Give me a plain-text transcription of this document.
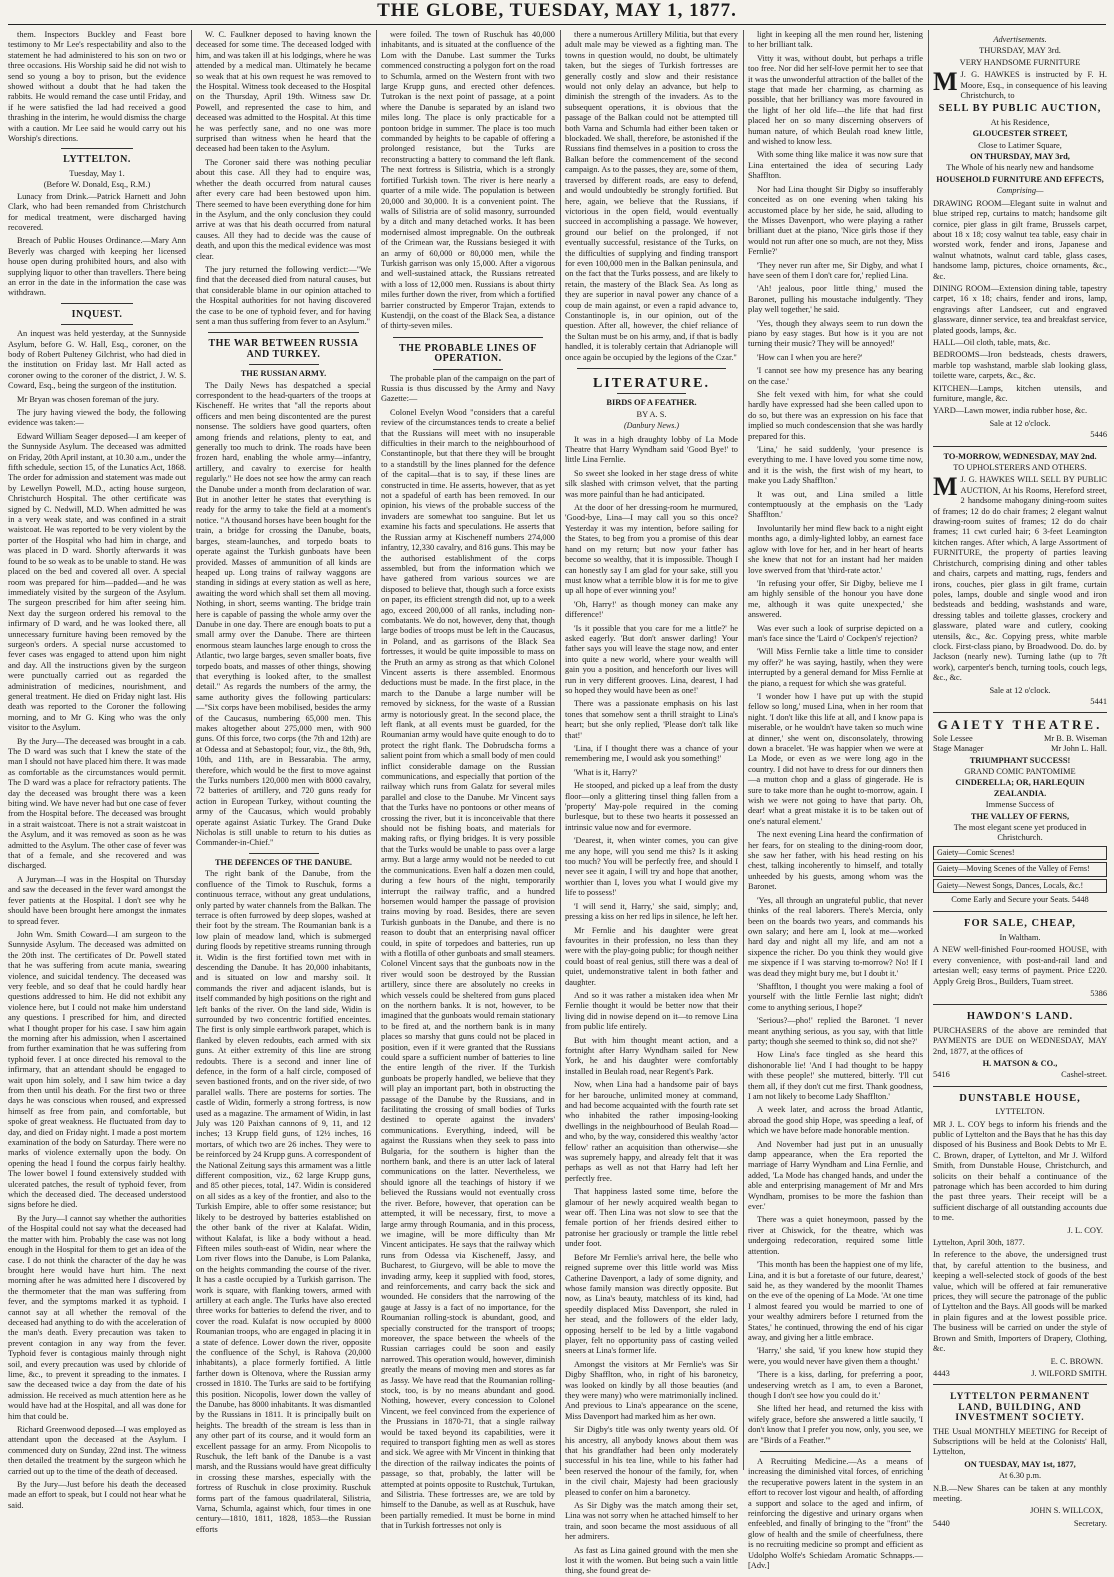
THE GLOBE, TUESDAY, MAY 1, 1877.

them. Inspectors Buckley and Feast bore testimony to Mr Lee's respectability and also to the statement he had administered to his son on two or three occasions. His Worship said he did not wish to send so young a boy to prison, but the evidence showed without a doubt that he had taken the rabbits. He would remand the case until Friday, and if he were satisfied the lad had received a good thrashing in the interim, he would dismiss the charge with a caution. Mr Lee said he would carry out his Worship's directions.

LYTTELTON.
Tuesday, May 1.
(Before W. Donald, Esq., R.M.)

Lunacy from Drink.—Patrick Harnett and John Clark, who had been remanded from Christchurch for medical treatment, were discharged having recovered.

Breach of Public Houses Ordinance.—Mary Ann Beverly was charged with keeping her licensed house open during prohibited hours, and also with supplying liquor to other than travellers. There being an error in the date in the information the case was withdrawn.

INQUEST.

An inquest was held yesterday, at the Sunnyside Asylum, before G. W. Hall, Esq., coroner, on the body of Robert Pulteney Gilchrist, who had died in the institution on Friday last. Mr Hall acted as coroner owing to the coroner of the district, J. W. S. Coward, Esq., being the surgeon of the institution.

Mr Bryan was chosen foreman of the jury.

The jury having viewed the body, the following evidence was taken:—

Edward William Seager deposed—I am keeper of the Sunnyside Asylum. The deceased was admitted on Friday, 20th April instant, at 10.30 a.m., under the fifth schedule, section 15, of the Lunatics Act, 1868. The order for admission and statement was made out by Lewellyn Powell, M.D., acting house surgeon, Christchurch Hospital. The other certificate was signed by C. Nedwill, M.D. When admitted he was in a very weak state, and was confined in a strait waistcoat. He was reported to be very violent by the porter of the Hospital who had him in charge, and was placed in D ward. Shortly afterwards it was found to be so weak as to be unable to stand. He was placed on the bed and covered all over. A special room was prepared for him—padded—and he was immediately visited by the surgeon of the Asylum. The surgeon prescribed for him after seeing him. Next day the surgeon ordered his removal to the infirmary of D ward, and he was looked there, all unnecessary furniture having been removed by the surgeon's orders. A special nurse accustomed to fever cases was engaged to attend upon him night and day. All the instructions given by the surgeon were punctually carried out as regarded the administration of medicines, nourishment, and general treatment. He died on Friday night last. His death was reported to the Coroner the following morning, and to Mr G. King who was the only visitor to the Asylum.

By the Jury—The deceased was brought in a cab. The D ward was such that I knew the state of the man I should not have placed him there. It was made as comfortable as the circumstances would permit. The D ward was a place for refractory patients. The day the deceased was brought there was a keen biting wind. We have never had but one case of fever from the Hospital before. The deceased was brought in a strait waistcoat. There is not a strait waistcoat in the Asylum, and it was removed as soon as he was admitted to the Asylum. The other case of fever was that of a female, and she recovered and was discharged.

A Juryman—I was in the Hospital on Thursday and saw the deceased in the fever ward amongst the fever patients at the Hospital. I don't see why he should have been brought here amongst the inmates to spread fever.

John Wm. Smith Coward—I am surgeon to the Sunnyside Asylum. The deceased was admitted on the 20th inst. The certificates of Dr. Powell stated that he was suffering from acute mania, swearing violence, and suicidal tendency. The deceased was very feeble, and so deaf that he could hardly hear questions addressed to him. He did not exhibit any violence here, but I could not make him understand any questions. I prescribed for him, and directed what I thought proper for his case. I saw him again the morning after his admission, when I ascertained from further examination that he was suffering from typhoid fever. I at once directed his removal to the infirmary, that an attendant should be engaged to wait upon him solely, and I saw him twice a day from then until his death. For the first two or three days he was conscious when roused, and expressed himself as free from pain, and comfortable, but spoke of great weakness. He fluctuated from day to day, and died on Friday night. I made a post mortem examination of the body on Saturday. There were no marks of violence externally upon the body. On opening the head I found the corpus fairly healthy. The lower bowel I found extensively studded with ulcerated patches, the result of typhoid fever, from which the deceased died. The deceased understood signs before he died.

By the Jury—I cannot say whether the authorities of the Hospital could not say what the deceased had the matter with him. Probably the case was not long enough in the Hospital for them to get an idea of the case. I do not think the character of the day he was brought here would have hurt him. The next morning after he was admitted here I discovered by the thermometer that the man was suffering from fever, and the symptoms marked it as typhoid. I cannot say at all whether the removal of the deceased had anything to do with the acceleration of the man's death. Every precaution was taken to prevent contagion in any way from the fever. Typhoid fever is contagious mainly through night soil, and every precaution was used by chloride of lime, &c., to prevent it spreading to the inmates. I saw the deceased twice a day from the date of his admission. He received as much attention here as he would have had at the Hospital, and all was done for him that could be.

Richard Greenwood deposed—I was employed as attendant upon the deceased at the Asylum. I commenced duty on Sunday, 22nd inst. The witness then detailed the treatment by the surgeon which he carried out up to the time of the death of deceased.

By the Jury—Just before his death the deceased made an effort to speak, but I could not hear what he said.

W. C. Faulkner deposed to having known the deceased for some time. The deceased lodged with him, and was taken ill at his lodgings, where he was attended by a medical man. Ultimately he became so weak that at his own request he was removed to the Hospital. Witness took deceased to the Hospital on the Thursday, April 19th. Witness saw Dr. Powell, and represented the case to him, and deceased was admitted to the Hospital. At this time he was perfectly sane, and no one was more surprised than witness when he heard that the deceased had been taken to the Asylum.

The Coroner said there was nothing peculiar about this case. All they had to enquire was, whether the death occurred from natural causes after every care had been bestowed upon him. There seemed to have been everything done for him in the Asylum, and the only conclusion they could arrive at was that his death occurred from natural causes. All they had to decide was the cause of death, and upon this the medical evidence was most clear.

The jury returned the following verdict:—"We find that the deceased died from natural causes, but that considerable blame in our opinion attached to the Hospital authorities for not having discovered the case to be one of typhoid fever, and for having sent a man thus suffering from fever to an Asylum."

THE WAR BETWEEN RUSSIA AND TURKEY.
THE RUSSIAN ARMY.

The Daily News has despatched a special correspondent to the head-quarters of the troops at Kischeneff. He writes that "all the reports about officers and men being discontented are the purest nonsense. The soldiers have good quarters, often among friends and relations, plenty to eat, and generally too much to drink. The roads have been frozen hard, enabling the whole army—infantry, artillery, and cavalry to exercise for health regularly." He does not see how the army can reach the Danube under a month from declaration of war. But in another letter he states that everything is ready for the army to take the field at a moment's notice. "A thousand horses have been bought for the train, a bridge for crossing the Danube, boats, barges, steam-launches, and torpedo boats to operate against the Turkish gunboats have been provided. Masses of ammunition of all kinds are heaped up. Long trains of railway waggons are standing in sidings at every station as well as here, awaiting the word which shall set them all moving. Nothing, in short, seems wanting. The bridge train here is capable of passing the whole army over the Danube in one day. There are enough boats to put a small army over the Danube. There are thirteen enormous steam launches large enough to cross the Atlantic, two large barges, seven smaller boats, five torpedo boats, and masses of other things, showing that everything is looked after, to the smallest detail." As regards the numbers of the army, the same authority gives the following particulars:—"Six corps have been mobilised, besides the army of the Caucasus, numbering 65,000 men. This makes altogether about 275,000 men, with 900 guns. Of this force, two corps (the 7th and 12th) are at Odessa and at Sebastopol; four, viz., the 8th, 9th, 10th, and 11th, are in Bessarabia. The army, therefore, which would be the first to move against the Turks numbers 120,000 men with 8000 cavalry, 72 batteries of artillery, and 720 guns ready for action in European Turkey, without counting the army of the Caucasus, which would probably operate against Asiatic Turkey. The Grand Duke Nicholas is still unable to return to his duties as Commander-in-Chief."

THE DEFENCES OF THE DANUBE.

The right bank of the Danube, from the confluence of the Timok to Ruschuk, forms a continuous terrace, without any great undulations, only parted by water channels from the Balkan. The terrace is often furrowed by deep slopes, washed at their foot by the stream. The Roumanian bank is a low plain of meadow land, which is submerged during floods by repetitive streams running through it. Widin is the first fortified town met with in descending the Danube. It has 20,000 inhabitants, and is situated on low and marshy soil. It commands the river and adjacent islands, but is itself commanded by high positions on the right and left banks of the river. On the land side, Widin is surrounded by two concentric fortified enceintes. The first is only simple earthwork parapet, which is flanked by eleven redoubts, each armed with six guns. At either extremity of this line are strong redoubts. There is a second and inner line of defence, in the form of a half circle, composed of seven bastioned fronts, and on the river side, of two parallel walls. There are posterns for sorties. The castle of Widin, formerly a strong fortress, is now used as a magazine. The armament of Widin, in last July was 120 Paixhan cannons of 9, 11, and 12 inches; 13 Krupp field guns, of 12½ inches, 16 mortars, of which two are 26 inches. They were to be reinforced by 24 Krupp guns. A correspondent of the National Zeitung says this armament was a little different composition, viz., 62 large Krupp guns, and 85 other pieces, total, 147. Widin is considered on all sides as a key of the frontier, and also to the Turkish Empire, able to offer some resistance; but likely to be destroyed by batteries established on the other bank of the river at Kalafat. Widin, without Kalafat, is like a body without a head. Fifteen miles south-east of Widin, near where the Lom river flows into the Danube, is Lom Palanka, on the heights commanding the course of the river. It has a castle occupied by a Turkish garrison. The work is square, with flanking towers, armed with artillery at each angle. The Turks have also erected three works for batteries to defend the river, and to cover the road. Kulafat is now occupied by 8000 Roumanian troops, who are engaged in placing it in a state of defence. Lower down the river, opposite the confluence of the Schyl, is Rahova (20,000 inhabitants), a place formerly fortified. A little farther down is Oltenova, where the Russian army crossed in 1810. The Turks are said to be fortifying this position. Nicopolis, lower down the valley of the Danube, has 8000 inhabitants. It was dismantled by the Russians in 1811. It is principally built on heights. The breadth of the stream is less than in any other part of its course, and it would form an excellent passage for an army. From Nicopolis to Ruschuk, the left bank of the Danube is a vast marsh, and the Russians would have great difficulty in crossing these marshes, especially with the fortress of Ruschuk in close proximity. Ruschuk forms part of the famous quadrilateral, Silistria, Varna, Schumla, against which, four times in one century—1810, 1811, 1828, 1853—the Russian efforts

were foiled. The town of Ruschuk has 40,000 inhabitants, and is situated at the confluence of the Lom with the Danube. Last summer the Turks commenced constructing a polygon fort on the road to Schumla, armed on the Western front with two large Krupp guns, and erected other defences. Tutrokan is the next point of passage, at a point where the Danube is separated by an island two miles long. The place is only practicable for a pontoon bridge in summer. The place is too much commanded by heights to be capable of offering a prolonged resistance, but the Turks are reconstructing a battery to command the left flank. The next fortress is Silistria, which is a strongly fortified Turkish town. The river is here nearly a quarter of a mile wide. The population is between 20,000 and 30,000. It is a convenient point. The walls of Silistria are of solid masonry, surrounded by a ditch and many detached works. It has been modernised almost impregnable. On the outbreak of the Crimean war, the Russians besieged it with an army of 60,000 or 80,000 men, while the Turkish garrison was only 15,000. After a vigorous and well-sustained attack, the Russians retreated with a loss of 12,000 men. Russians is about thirty miles further down the river, from which a fortified barrier constructed by Emperor Trajan, extends to Kustendji, on the coast of the Black Sea, a distance of thirty-seven miles.

THE PROBABLE LINES OF OPERATION.

The probable plan of the campaign on the part of Russia is thus discussed by the Army and Navy Gazette:—

Colonel Evelyn Wood "considers that a careful review of the circumstances tends to create a belief that the Russians will meet with no insuperable difficulties in their march to the neighbourhood of Constantinople, but that there they will be brought to a standstill by the lines planned for the defence of the capital—that is to say, if these lines are constructed in time. He asserts, however, that as yet not a spadeful of earth has been removed. In our opinion, his views of the probable success of the invaders are somewhat too sanguine. But let us examine his facts and speculations. He asserts that the Russian army at Kischeneff numbers 274,000 infantry, 12,330 cavalry, and 816 guns. This may be the authorised establishment of the corps assembled, but from the information which we have gathered from various sources we are disposed to believe that, though such a force exists on paper, its efficient strength did not, up to a week ago, exceed 200,000 of all ranks, including non-combatants. We do not, however, deny that, though large bodies of troops must be left in the Caucasus, in Poland, and as garrisons of the Black Sea fortresses, it would be quite impossible to mass on the Pruth an army as strong as that which Colonel Vincent asserts is there assembled. Enormous deductions must be made. In the first place, in the march to the Danube a large number will be removed by sickness, for the waste of a Russian army is notoriously great. In the second place, the left flank, at all events must be guarded, for the Roumanian army would have quite enough to do to protect the right flank. The Dobrudscha forms a salient point from which a small body of men could inflict considerable damage on the Russian communications, and especially that portion of the railway which runs from Galatz for several miles parallel and close to the Danube. Mr Vincent says that the Turks have no pontoons or other means of crossing the river, but it is inconceivable that there should not be fishing boats, and materials for making rafts, or flying bridges. It is very possible that the Turks would be unable to pass over a large army. But a large army would not be needed to cut the communications. Even half a dozen men could, during a few hours of the night, temporarily interrupt the railway traffic, and a hundred horsemen would hamper the passage of provision trains moving by road. Besides, there are seven Turkish gunboats in the Danube, and there is no reason to doubt that an enterprising naval officer could, in spite of torpedoes and batteries, run up with a flotilla of other gunboats and small steamers. Colonel Vincent says that the gunboats now in the river would soon be destroyed by the Russian artillery, since there are absolutely no creeks in which vessels could be sheltered from guns placed on the northern banks. It is not, however, to be imagined that the gunboats would remain stationary to be fired at, and the northern bank is in many places so marshy that guns could not be placed in position, even if it were granted that the Russians could spare a sufficient number of batteries to line the entire length of the river. If the Turkish gunboats be properly handled, we believe that they will play an important part, both in obstructing the passage of the Danube by the Russians, and in facilitating the crossing of small bodies of Turks destined to operate against the invaders' communications. Everything, indeed, will be against the Russians when they seek to pass into Bulgaria, for the southern is higher than the northern bank, and there is an utter lack of lateral communications on the latter. Nevertheless, we should ignore all the teachings of history if we believed the Russians would not eventually cross the river. Before, however, that operation can be attempted, it will be necessary, first, to move a large army through Roumania, and in this process, we imagine, will be more difficulty than Mr Vincent anticipates. He says that the railway which runs from Odessa via Kischeneff, Jassy, and Bucharest, to Giurgevo, will be able to move the invading army, keep it supplied with food, stores, and reinforcements, and carry back the sick and wounded. He considers that the narrowing of the gauge at Jassy is a fact of no importance, for the Roumanian rolling-stock is abundant, good, and specially constructed for the transport of troops; moreover, the space between the wheels of the Russian carriages could be soon and easily narrowed. This operation would, however, diminish greatly the means of moving men and stores as far as Jassy. We have read that the Roumanian rolling-stock, too, is by no means abundant and good. Nothing, however, every concession to Colonel Vincent, we feel convinced from the experience of the Prussians in 1870-71, that a single railway would be taxed beyond its capabilities, were it required to transport fighting men as well as stores and sick. We agree with Mr Vincent in thinking that the direction of the railway indicates the points of passage, so that, probably, the latter will be attempted at points opposite to Rustchuk, Turtukan, and Silistria. These fortresses are, we are told by himself to the Danube, as well as at Ruschuk, have been partially remedied. It must be borne in mind that in Turkish fortresses not only is

there a numerous Artillery Militia, but that every adult male may be viewed as a fighting man. The towns in question would, no doubt, be ultimately taken, but the sieges of Turkish fortresses are generally costly and slow and their resistance would not only delay an advance, but help to diminish the strength of the invaders. As to the subsequent operations, it is obvious that the passage of the Balkan could not be attempted till both Varna and Schumla had either been taken or blockaded. We shall, therefore, be astonished if the Russians find themselves in a position to cross the Balkan before the commencement of the second campaign. As to the passes, they are, some of them, traversed by different roads, are easy to defend, and would undoubtedly be strongly fortified. But here, again, we believe that the Russians, if victorious in the open field, would eventually succeed in accomplishing a passage. We however, ground our belief on the prolonged, if not eventually successful, resistance of the Turks, on the difficulties of supplying and finding transport for even 100,000 men in the Balkan peninsula, and on the fact that the Turks possess, and are likely to retain, the mastery of the Black Sea. As long as they are superior in naval power any chance of a coup de main against, or even a rapid advance to, Constantinople is, in our opinion, out of the question. After all, however, the chief reliance of the Sultan must be on his army, and, if that is badly handled, it is tolerably certain that Adrianople will once again be occupied by the legions of the Czar."

LITERATURE.
BIRDS OF A FEATHER.
BY A. S.
(Danbury News.)

It was in a high draughty lobby of La Mode Theatre that Harry Wyndham said 'Good Bye!' to little Lina Fernlie.

So sweet she looked in her stage dress of white silk slashed with crimson velvet, that the parting was more painful than he had anticipated.

At the door of her dressing-room he murmured, 'Good-bye, Lina—I may call you so this once? Yesterday it was my intention, before sailing for the States, to beg from you a promise of this dear hand on my return; but now your father has become so wealthy, that it is impossible. Though I can honestly say I am glad for your sake, still you must know what a terrible blow it is for me to give up all hope of ever winning you!'

'Oh, Harry!' as though money can make any difference!'

'Is it possible that you care for me a little?' he asked eagerly. 'But don't answer darling! Your father says you will leave the stage now, and enter into quite a new world, where your wealth will gain you a position, and henceforth our lives will run in very different grooves. Lina, dearest, I had so hoped they would have been as one!'

There was a passionate emphasis on his last tones that somehow sent a thrill straight to Lina's heart; but she only replied, 'Please don't talk like that!'

'Lina, if I thought there was a chance of your remembering me, I would ask you something!'

'What is it, Harry?'

He stooped, and picked up a leaf from the dusty floor—only a glittering tinsel thing fallen from a 'property' May-pole required in the coming burlesque, but to these two hearts it possessed an intrinsic value now and for evermore.

'Dearest, it, when winter comes, you can give me any hope, will you send me this? Is it asking too much? You will be perfectly free, and should I never see it again, I will try and hope that another, worthier than I, loves you what I would give my life to possess!'

'I will send it, Harry,' she said, simply; and, pressing a kiss on her red lips in silence, he left her.

Mr Fernlie and his daughter were great favourites in their profession, no less than they were with the play-going public; for though neither could boast of real genius, still there was a deal of quiet, undemonstrative talent in both father and daughter.

And so it was rather a mistaken idea when Mr Fernlie thought it would be better now that their living did in nowise depend on it—to remove Lina from public life entirely.

But with him thought meant action, and a fortnight after Harry Wyndham sailed for New York, he and his daughter were comfortably installed in Beulah road, near Regent's Park.

Now, when Lina had a handsome pair of bays for her barouche, unlimited money at command, and had become acquainted with the fourth rate set who inhabited the rather imposing-looking dwellings in the neighbourhood of Beulah Road—and who, by the way, considered this wealthy 'actor fellow' rather an acquisition than otherwise—she was supremely happy, and already felt that it was perhaps as well as not that Harry had left her perfectly free.

That happiness lasted some time, before the glamour of her newly acquired wealth began to wear off. Then Lina was not slow to see that the female portion of her friends desired either to patronise her graciously or trample the little rebel under foot.

Before Mr Fernlie's arrival here, the belle who reigned supreme over this little world was Miss Catherine Davenport, a lady of some dignity, and whose family mansion was directly opposite. But now, as Lina's beauty, matchless of its kind, had speedily displaced Miss Davenport, she ruled in her stead, and the followers of the elder lady, opposing herself to be led by a little vagabond player, felt no opportunity pass of casting veiled sneers at Lina's former life.

Amongst the visitors at Mr Fernlie's was Sir Digby Shafflton, who, in right of his baronetcy, was looked on kindly by all those beauties (and they were many) who were matrimonially inclined. And previous to Lina's appearance on the scene, Miss Davenport had marked him as her own.

Sir Digby's title was only twenty years old. Of his ancestry, all anybody knows about them was that his grandfather had been only moderately successful in his tea line, while to his father had been reserved the honour of the family, for, when in the civil chair, Majesty had been graciously pleased to confer on him a baronetcy.

As Sir Digby was the match among their set, Lina was not sorry when he attached himself to her train, and soon became the most assiduous of all her admirers.

As fast as Lina gained ground with the men she lost it with the women. But being such a vain little thing, she found great de-

light in keeping all the men round her, listening to her brilliant talk.

Vitty it was, without doubt, but perhaps a trifle too free. Nor did her self-love permit her to see that it was the unwonderful attraction of the ballet of the stage that made her charming, as charming as possible, that her brilliancy was more favoured in the light of her old life—the life that had first placed her on so many discerning observers of human nature, of which Beulah road knew little, and wished to know less.

With some thing like malice it was now sure that Lina entertained the idea of securing Lady Shafflton.

Nor had Lina thought Sir Digby so insufferably conceited as on one evening when taking his accustomed place by her side, he said, alluding to the Misses Davenport, who were playing a rather brilliant duet at the piano, 'Nice girls those if they would not run after one so much, are not they, Miss Fernlie?'

'They never run after me, Sir Digby, and what I have seen of them I don't care for,' replied Lina.

'Ah! jealous, poor little thing,' mused the Baronet, pulling his moustache indulgently. 'They play well together,' he said.

'Yes, though they always seem to run down the piano by easy stages. But how is it you are not turning their music? They will be annoyed!'

'How can I when you are here?'

'I cannot see how my presence has any bearing on the case.'

She felt vexed with him, for what she could hardly have expressed had she been called upon to do so, but there was an expression on his face that implied so much condescension that she was hardly prepared for this.

'Lina,' he said suddenly, 'your presence is everything to me. I have loved you some time now, and it is the wish, the first wish of my heart, to make you Lady Shafflton.'

It was out, and Lina smiled a little contemptuously at the emphasis on the 'Lady Shafflton.'

Involuntarily her mind flew back to a night eight months ago, a dimly-lighted lobby, an earnest face aglow with love for her, and in her heart of hearts she knew that not for an instant had her maiden love swerved from that 'third-rate actor.'

'In refusing your offer, Sir Digby, believe me I am highly sensible of the honour you have done me, although it was quite unexpected,' she answered.

Was ever such a look of surprise depicted on a man's face since the 'Laird o' Cockpen's' rejection?

'Will Miss Fernlie take a little time to consider my offer?' he was saying, hastily, when they were interrupted by a general demand for Miss Fernlie at the piano, a request for which she was grateful.

'I wonder how I have put up with the stupid fellow so long,' mused Lina, when in her room that night. 'I don't like this life at all, and I know papa is miserable, or he wouldn't have taken so much wine at dinner,' she went on, disconsolately, throwing down a bracelet. 'He was happier when we were at La Mode, or even as we were long ago in the country. I did not have to dress for our dinners then—a mutton chop and a glass of gingerade. He is sure to take more than he ought to-morrow, again. I wish we were not going to have that party. Oh, dear! what a great mistake it is to be taken out of one's natural element.'

The next evening Lina heard the confirmation of her fears, for on stealing to the dining-room door, she saw her father, with his head resting on his chest, talking incoherently to himself, and totally unheeded by his guests, among whom was the Baronet.

'Yes, all through an ungrateful public, that never thinks of the real laborers. There's Mercia, only been on the boards two years, and commands his own salary; and here am I, look at me—worked hard day and night all my life, and am not a sixpence the richer. Do you think they would give me sixpence if I was starving to-morrow? No! If I was dead they might bury me, but I doubt it.'

'Shafflton, I thought you were making a fool of yourself with the little Fernlie last night; didn't come to anything serious, I hope?'

'Serious?—pho!' replied the Baronet. 'I never meant anything serious, as you say, with that little party; though she seemed to think so, did not she?'

How Lina's face tingled as she heard this dishonorable lie! 'And I had thought to be happy with these people!' she muttered, bitterly. 'I'll cut them all, if they don't cut me first. Thank goodness, I am not likely to become Lady Shafflton.'

A week later, and across the broad Atlantic, abroad the good ship Hope, was speeding a leaf, of which we have before made honorable mention.

And November had just put in an unusually damp appearance, when the Era reported the marriage of Harry Wyndham and Lina Fernlie, and added, 'La Mode has changed hands, and under the able and enterprising management of Mr and Mrs Wyndham, promises to be more the fashion than ever.'

There was a quiet honeymoon, passed by the river at Chiswick, for the theatre, which was undergoing redecoration, required some little attention.

'This month has been the happiest one of my life, Lina, and it is but a foretaste of our future, dearest,' said he, as they wandered by the moonlit Thames on the eve of the opening of La Mode. 'At one time I almost feared you would be married to one of your wealthy admirers before I returned from the States,' he continued, throwing the end of his cigar away, and giving her a little embrace.

'Harry,' she said, 'if you knew how stupid they were, you would never have given them a thought.'

'There is a kiss, darling, for preferring a poor, undeserving wretch as I am, to even a Baronet, though I don't see how you could do it.'

She lifted her head, and returned the kiss with wifely grace, before she answered a little saucily, 'I don't know that I prefer you now, only, you see, we are "Birds of a Feather."'

A Recruiting Medicine.—As a means of increasing the diminished vital forces, of enriching the recuperative powers latent in the system in an effort to recover lost vigour and health, of affording a support and solace to the aged and infirm, of reinforcing the digestive and urinary organs when enfeebled, and finally of bringing to the "front" the glow of health and the smile of cheerfulness, there is no recruiting medicine so prompt and efficient as Udolpho Wolfe's Schiedam Aromatic Schnapps.—[Adv.]

Advertisements.
THURSDAY, MAY 3rd.
VERY HANDSOME FURNITURE

M J. G. HAWKES is instructed by F. H. Moore, Esq., in consequence of his leaving Christchurch, to

SELL BY PUBLIC AUCTION,
At his Residence,
GLOUCESTER STREET,
Close to Latimer Square,
ON THURSDAY, MAY 3rd,
The Whole of his nearly new and handsome
HOUSEHOLD FURNITURE AND EFFECTS,
Comprising—

DRAWING ROOM—Elegant suite in walnut and blue striped rep, curtains to match; handsome gilt cornice, pier glass in gilt frame, Brussels carpet, about 18 x 18; cosy walnut tea table, easy chair in worsted work, fender and irons, Japanese and walnut whatnots, walnut card table, glass cases, handsome lamp, pictures, choice ornaments, &c., &c.

DINING ROOM—Extension dining table, tapestry carpet, 16 x 18; chairs, fender and irons, lamp, engravings after Landseer, cut and engraved glassware, dinner service, tea and breakfast service, plated goods, lamps, &c.

HALL—Oil cloth, table, mats, &c.

BEDROOMS—Iron bedsteads, chests drawers, marble top washstand, marble slab looking glass, toilette ware, carpets, &c., &c.

KITCHEN—Lamps, kitchen utensils, and furniture, mangle, &c.

YARD—Lawn mower, india rubber hose, &c.

Sale at 12 o'clock.
5446
TO-MORROW, WEDNESDAY, MAY 2nd.
TO UPHOLSTERERS AND OTHERS.

M J. G. HAWKES WILL SELL BY PUBLIC AUCTION, At his Rooms, Hereford street, 2 handsome mahogany dining-room suites of frames; 12 do do chair frames; 2 elegant walnut drawing-room suites of frames; 12 do do chair frames; 11 cwt curled hair; 6 3-feet Leamington kitchen ranges. After which, A large Assortment of FURNITURE, the property of parties leaving Christchurch, comprising dining and other tables and chairs, carpets and matting, rugs, fenders and irons, couches, pier glass in gilt frame, curtain poles, lamps, double and single wood and iron bedsteads and bedding, washstands and ware, dressing tables and toilette glasses, crockery and glassware, plated ware and cutlery, cooking utensils, &c., &c. Copying press, white marble clock. First-class piano, by Broadwood. Do. do. by Jackson (nearly new). Turning lathe (up to 7ft work), carpenter's bench, turning tools, couch legs, &c., &c.

Sale at 12 o'clock.
5441
GAIETY THEATRE.
Sole Lessee	Mr B. B. Wiseman
Stage Manager	Mr John L. Hall.
TRIUMPHANT SUCCESS!
GRAND COMIC PANTOMIME
CINDERELLA; OR, HARLEQUIN ZEALANDIA.
Immense Success of
THE VALLEY OF FERNS,
The most elegant scene yet produced in Christchurch.
Gaiety—Comic Scenes!
Gaiety—Moving Scenes of the Valley of Ferns!
Gaiety—Newest Songs, Dances, Locals, &c.!
Come Early and Secure your Seats. 5448
FOR SALE, CHEAP,
In Waltham.

A NEW well-finished Four-roomed HOUSE, with every convenience, with post-and-rail land and artesian well; easy terms of payment. Price £220. Apply Greig Bros., Builders, Tuam street.

5386
HAWDON'S LAND.

PURCHASERS of the above are reminded that PAYMENTS are DUE on WEDNESDAY, MAY 2nd, 1877, at the offices of

H. MATSON & CO.,
5416	Cashel-street.
DUNSTABLE HOUSE,
LYTTELTON.

MR J. L. COY begs to inform his friends and the public of Lyttelton and the Bays that he has this day disposed of his Business and Book Debts to Mr E. C. Brown, draper, of Lyttelton, and Mr J. Wilford Smith, from Dunstable House, Christchurch, and solicits on their behalf a continuance of the patronage which has been accorded to him during the past three years. Their receipt will be a sufficient discharge of all outstanding accounts due to me.

J. L. COY.

Lyttelton, April 30th, 1877.

In reference to the above, the undersigned trust that, by careful attention to the business, and keeping a well-selected stock of goods of the best value, which will be offered at fair remunerative prices, they will secure the patronage of the public of Lyttelton and the Bays. All goods will be marked in plain figures and at the lowest possible price. The business will be carried on under the style of Brown and Smith, Importers of Drapery, Clothing, &c.

E. C. BROWN.
4443	J. WILFORD SMITH.
LYTTELTON PERMANENT LAND, BUILDING, AND INVESTMENT SOCIETY.

THE Usual MONTHLY MEETING for Receipt of Subscriptions will be held at the Colonists' Hall, Lyttelton,

ON TUESDAY, MAY 1st, 1877,
At 6.30 p.m.

N.B.—New Shares can be taken at any monthly meeting.

JOHN S. WILLCOX,
5440	Secretary.
